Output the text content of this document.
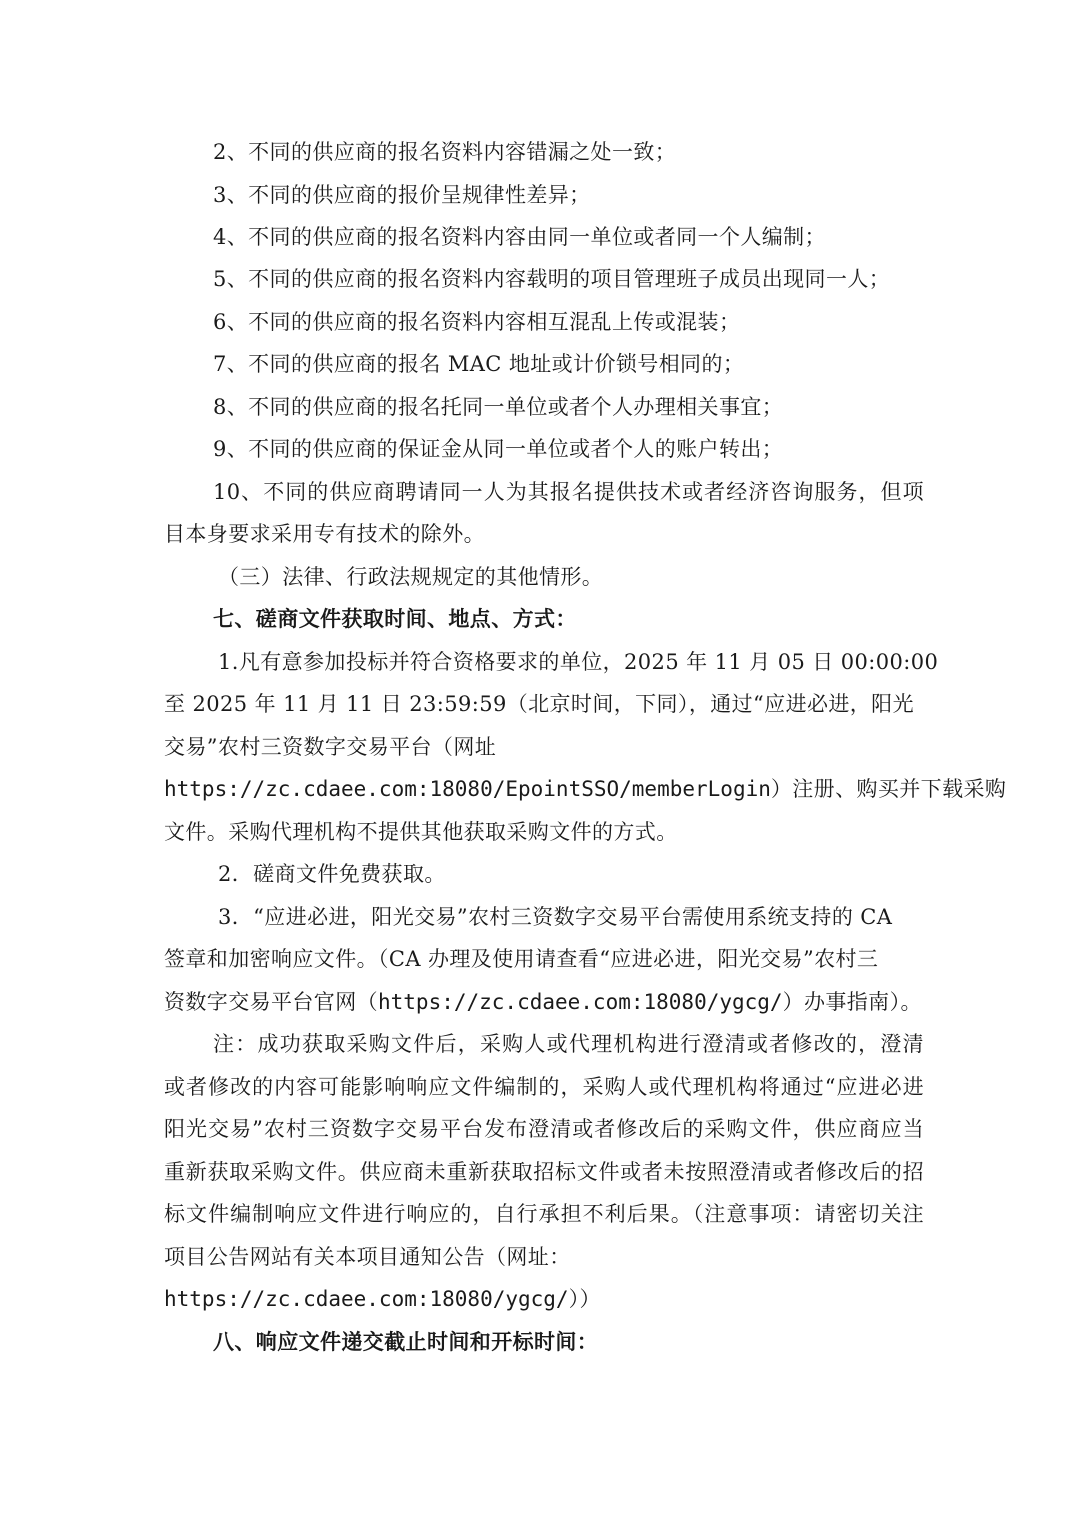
2、不同的供应商的报名资料内容错漏之处一致；
3、不同的供应商的报价呈规律性差异；
4、不同的供应商的报名资料内容由同一单位或者同一个人编制；
5、不同的供应商的报名资料内容载明的项目管理班子成员出现同一人；
6、不同的供应商的报名资料内容相互混乱上传或混装；
7、不同的供应商的报名 MAC 地址或计价锁号相同的；
8、不同的供应商的报名托同一单位或者个人办理相关事宜；
9、不同的供应商的保证金从同一单位或者个人的账户转出；
10、不同的供应商聘请同一人为其报名提供技术或者经济咨询服务，但项
目本身要求采用专有技术的除外。
（三）法律、行政法规规定的其他情形。
七、磋商文件获取时间、地点、方式：
1.凡有意参加投标并符合资格要求的单位，2025 年 11 月 05 日 00:00:00
至 2025 年 11 月 11 日 23:59:59（北京时间，下同），通过“应进必进，阳光
交易”农村三资数字交易平台（网址
https://zc.cdaee.com:18080/EpointSSO/memberLogin）注册、购买并下载采购
文件。采购代理机构不提供其他获取采购文件的方式。
2．磋商文件免费获取。
3．“应进必进，阳光交易”农村三资数字交易平台需使用系统支持的 CA
签章和加密响应文件。（CA 办理及使用请查看“应进必进，阳光交易”农村三
资数字交易平台官网（https://zc.cdaee.com:18080/ygcg/）办事指南）。
注：成功获取采购文件后，采购人或代理机构进行澄清或者修改的，澄清
或者修改的内容可能影响响应文件编制的，采购人或代理机构将通过“应进必进
阳光交易”农村三资数字交易平台发布澄清或者修改后的采购文件，供应商应当
重新获取采购文件。供应商未重新获取招标文件或者未按照澄清或者修改后的招
标文件编制响应文件进行响应的，自行承担不利后果。（注意事项：请密切关注
项目公告网站有关本项目通知公告（网址：
https://zc.cdaee.com:18080/ygcg/））
八、响应文件递交截止时间和开标时间：
